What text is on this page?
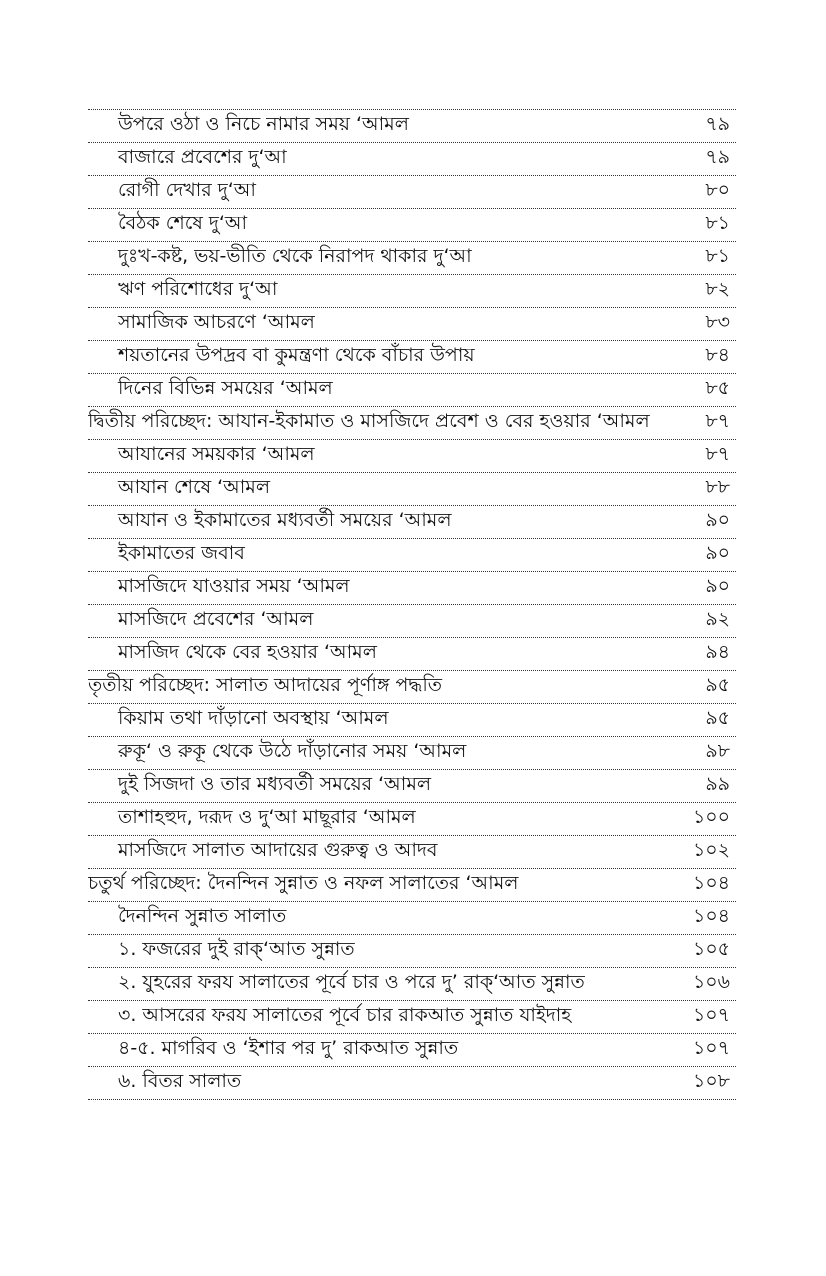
উপরে ওঠা ও নিচে নামার সময় ‘আমল	৭৯
বাজারে প্রবেশের দু‘আ	৭৯
রোগী দেখার দু‘আ	৮০
বৈঠক শেষে দু‘আ	৮১
দুঃখ-কষ্ট, ভয়-ভীতি থেকে নিরাপদ থাকার দু‘আ	৮১
ঋণ পরিশোধের দু‘আ	৮২
সামাজিক আচরণে ‘আমল	৮৩
শয়তানের উপদ্রব বা কুমন্ত্রণা থেকে বাঁচার উপায়	৮৪
দিনের বিভিন্ন সময়ের ‘আমল	৮৫
দ্বিতীয় পরিচ্ছেদ: আযান-ইকামাত ও মাসজিদে প্রবেশ ও বের হওয়ার ‘আমল	৮৭
আযানের সময়কার ‘আমল	৮৭
আযান শেষে ‘আমল	৮৮
আযান ও ইকামাতের মধ্যবর্তী সময়ের ‘আমল	৯০
ইকামাতের জবাব	৯০
মাসজিদে যাওয়ার সময় ‘আমল	৯০
মাসজিদে প্রবেশের ‘আমল	৯২
মাসজিদ থেকে বের হওয়ার ‘আমল	৯৪
তৃতীয় পরিচ্ছেদ: সালাত আদায়ের পূর্ণাঙ্গ পদ্ধতি	৯৫
কিয়াম তথা দাঁড়ানো অবস্থায় ‘আমল	৯৫
রুকূ‘ ও রুকূ থেকে উঠে দাঁড়ানোর সময় ‘আমল	৯৮
দুই সিজদা ও তার মধ্যবর্তী সময়ের ‘আমল	৯৯
তাশাহহুদ, দরূদ ও দু‘আ মাছূরার ‘আমল	১০০
মাসজিদে সালাত আদায়ের গুরুত্ব ও আদব	১০২
চতুর্থ পরিচ্ছেদ: দৈনন্দিন সুন্নাত ও নফল সালাতের ‘আমল	১০৪
দৈনন্দিন সুন্নাত সালাত	১০৪
১. ফজরের দুই রাক্‘আত সুন্নাত	১০৫
২. যুহরের ফরয সালাতের পূর্বে চার ও পরে দু’ রাক্‘আত সুন্নাত	১০৬
৩. আসরের ফরয সালাতের পূর্বে চার রাকআত সুন্নাত যাইদাহ	১০৭
৪-৫. মাগরিব ও ‘ইশার পর দু’ রাকআত সুন্নাত	১০৭
৬. বিতর সালাত	১০৮
